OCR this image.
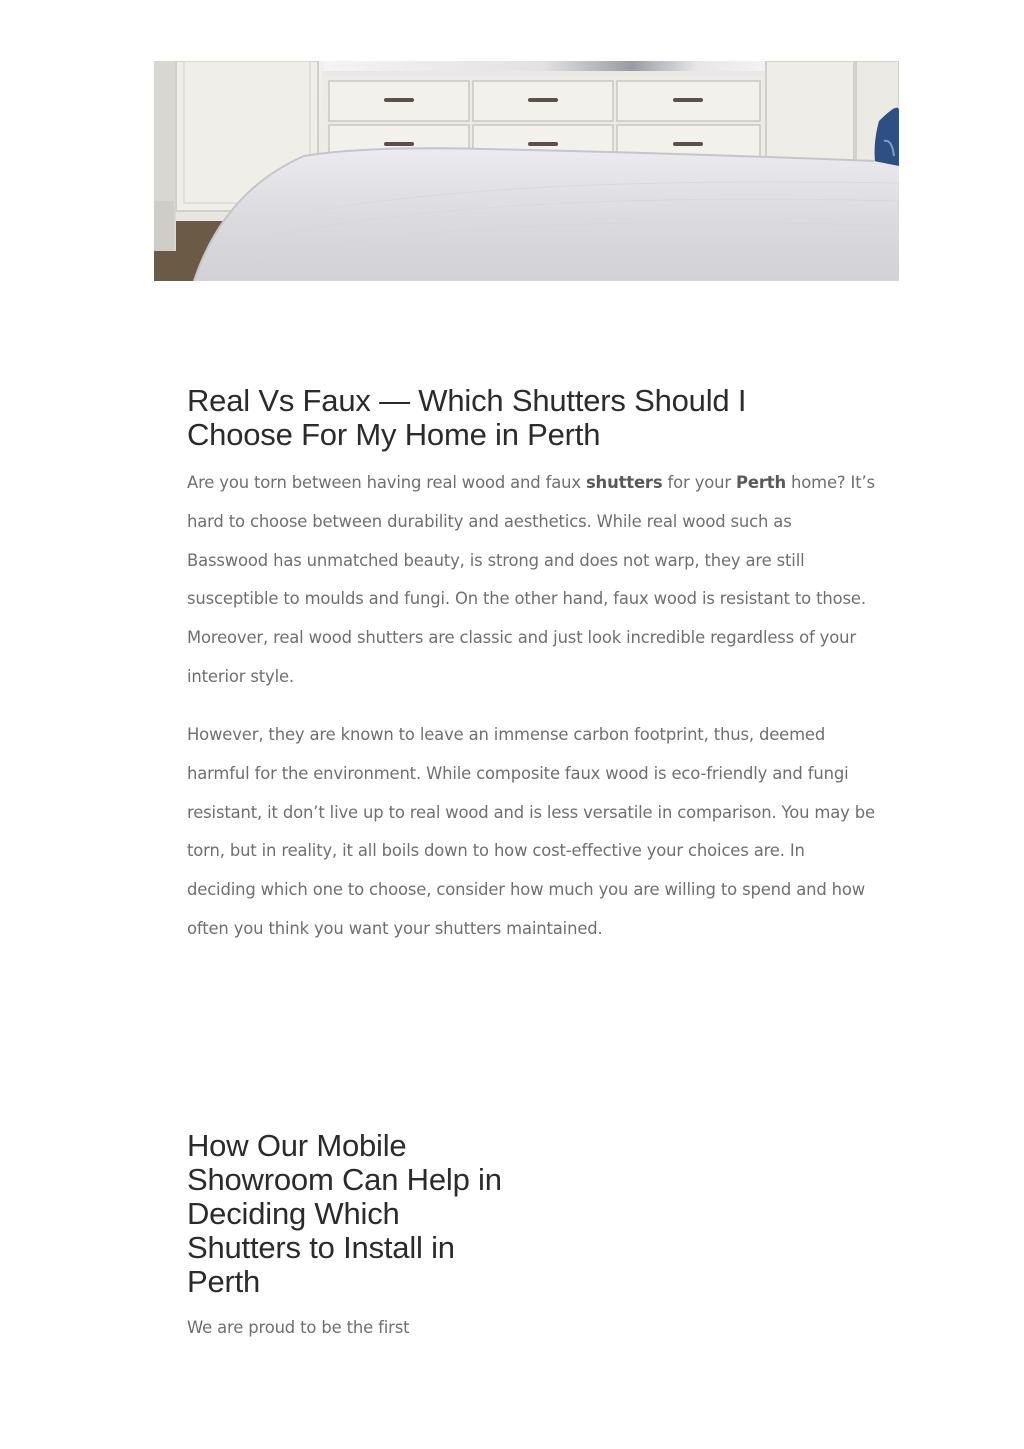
Real Vs Faux — Which Shutters Should I Choose For My Home in Perth

Are you torn between having real wood and faux shutters for your Perth home? It’s hard to choose between durability and aesthetics. While real wood such as Basswood has unmatched beauty, is strong and does not warp, they are still susceptible to moulds and fungi. On the other hand, faux wood is resistant to those. Moreover, real wood shutters are classic and just look incredible regardless of your interior style.

However, they are known to leave an immense carbon footprint, thus, deemed harmful for the environment. While composite faux wood is eco-friendly and fungi resistant, it don’t live up to real wood and is less versatile in comparison. You may be torn, but in reality, it all boils down to how cost-effective your choices are. In deciding which one to choose, consider how much you are willing to spend and how often you think you want your shutters maintained.

How Our Mobile Showroom Can Help in Deciding Which Shutters to Install in Perth

We are proud to be the first
